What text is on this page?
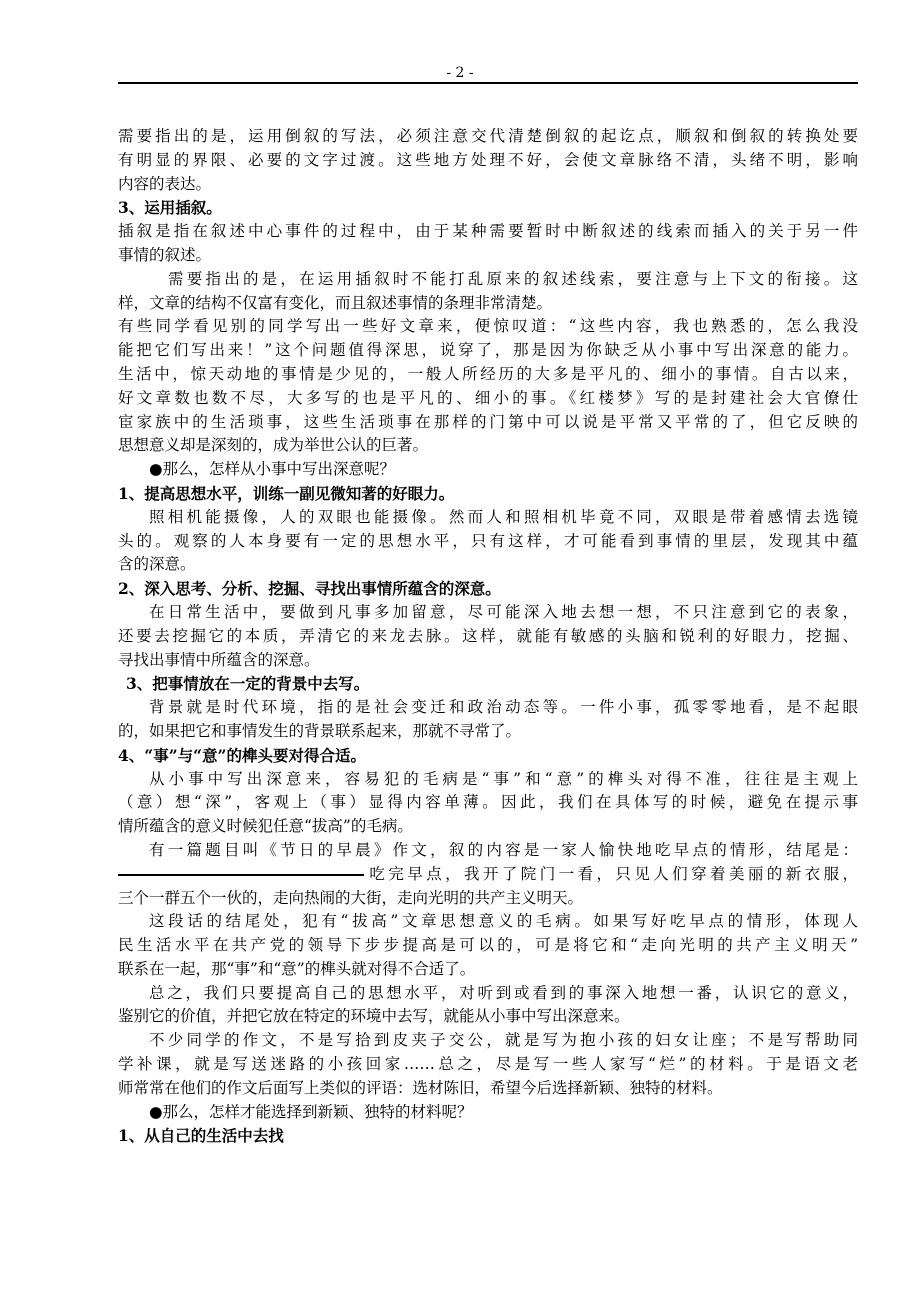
- 2 -
需要指出的是，运用倒叙的写法，必须注意交代清楚倒叙的起讫点，顺叙和倒叙的转换处要
有明显的界限、必要的文字过渡。这些地方处理不好，会使文章脉络不清，头绪不明，影响
内容的表达。
3、运用插叙。
插叙是指在叙述中心事件的过程中，由于某种需要暂时中断叙述的线索而插入的关于另一件
事情的叙述。
需要指出的是，在运用插叙时不能打乱原来的叙述线索，要注意与上下文的衔接。这
样，文章的结构不仅富有变化，而且叙述事情的条理非常清楚。
有些同学看见别的同学写出一些好文章来，便惊叹道：“这些内容，我也熟悉的，怎么我没
能把它们写出来！”这个问题值得深思，说穿了，那是因为你缺乏从小事中写出深意的能力。
生活中，惊天动地的事情是少见的，一般人所经历的大多是平凡的、细小的事情。自古以来，
好文章数也数不尽，大多写的也是平凡的、细小的事。《红楼梦》写的是封建社会大官僚仕
宦家族中的生活琐事，这些生活琐事在那样的门第中可以说是平常又平常的了，但它反映的
思想意义却是深刻的，成为举世公认的巨著。
●那么，怎样从小事中写出深意呢？
1、提高思想水平，训练一副见微知著的好眼力。
照相机能摄像，人的双眼也能摄像。然而人和照相机毕竟不同，双眼是带着感情去选镜
头的。观察的人本身要有一定的思想水平，只有这样，才可能看到事情的里层，发现其中蕴
含的深意。
2、深入思考、分析、挖掘、寻找出事情所蕴含的深意。
在日常生活中，要做到凡事多加留意，尽可能深入地去想一想，不只注意到它的表象，
还要去挖掘它的本质，弄清它的来龙去脉。这样，就能有敏感的头脑和锐利的好眼力，挖掘、
寻找出事情中所蕴含的深意。
3、把事情放在一定的背景中去写。
背景就是时代环境，指的是社会变迁和政治动态等。一件小事，孤零零地看，是不起眼
的，如果把它和事情发生的背景联系起来，那就不寻常了。
4、“事”与“意”的榫头要对得合适。
从小事中写出深意来，容易犯的毛病是“事”和“意”的榫头对得不准，往往是主观上
（意）想“深”，客观上（事）显得内容单薄。因此，我们在具体写的时候，避免在提示事
情所蕴含的意义时候犯任意“拔高”的毛病。
有一篇题目叫《节日的早晨》作文，叙的内容是一家人愉快地吃早点的情形，结尾是：
吃完早点，我开了院门一看，只见人们穿着美丽的新衣服，
三个一群五个一伙的，走向热闹的大街，走向光明的共产主义明天。
这段话的结尾处，犯有“拔高”文章思想意义的毛病。如果写好吃早点的情形，体现人
民生活水平在共产党的领导下步步提高是可以的，可是将它和“走向光明的共产主义明天”
联系在一起，那“事”和“意”的榫头就对得不合适了。
总之，我们只要提高自己的思想水平，对听到或看到的事深入地想一番，认识它的意义，
鉴别它的价值，并把它放在特定的环境中去写，就能从小事中写出深意来。
不少同学的作文，不是写拾到皮夹子交公，就是写为抱小孩的妇女让座；不是写帮助同
学补课，就是写送迷路的小孩回家……总之，尽是写一些人家写“烂”的材料。于是语文老
师常常在他们的作文后面写上类似的评语：选材陈旧，希望今后选择新颖、独特的材料。
●那么，怎样才能选择到新颖、独特的材料呢？
1、从自己的生活中去找
